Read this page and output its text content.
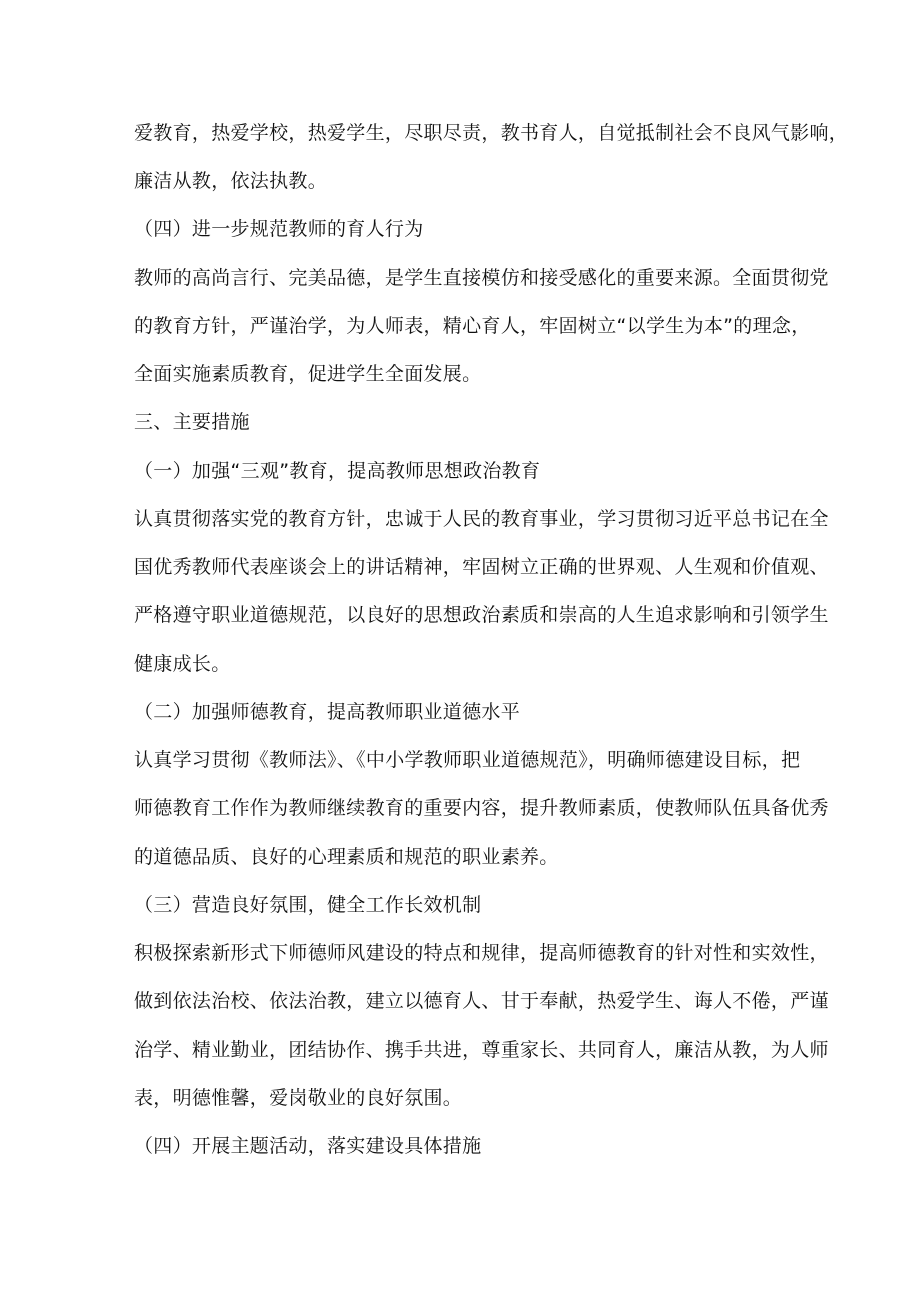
爱教育，热爱学校，热爱学生，尽职尽责，教书育人，自觉抵制社会不良风气影响，
廉洁从教，依法执教。
（四）进一步规范教师的育人行为
教师的高尚言行、完美品德，是学生直接模仿和接受感化的重要来源。全面贯彻党
的教育方针，严谨治学，为人师表，精心育人，牢固树立“以学生为本”的理念，
全面实施素质教育，促进学生全面发展。
三、主要措施
（一）加强“三观”教育，提高教师思想政治教育
认真贯彻落实党的教育方针，忠诚于人民的教育事业，学习贯彻习近平总书记在全
国优秀教师代表座谈会上的讲话精神，牢固树立正确的世界观、人生观和价值观、
严格遵守职业道德规范，以良好的思想政治素质和崇高的人生追求影响和引领学生
健康成长。
（二）加强师德教育，提高教师职业道德水平
认真学习贯彻《教师法》、《中小学教师职业道德规范》，明确师德建设目标，把
师德教育工作作为教师继续教育的重要内容，提升教师素质，使教师队伍具备优秀
的道德品质、良好的心理素质和规范的职业素养。
（三）营造良好氛围，健全工作长效机制
积极探索新形式下师德师风建设的特点和规律，提高师德教育的针对性和实效性，
做到依法治校、依法治教，建立以德育人、甘于奉献，热爱学生、诲人不倦，严谨
治学、精业勤业，团结协作、携手共进，尊重家长、共同育人，廉洁从教，为人师
表，明德惟馨，爱岗敬业的良好氛围。
（四）开展主题活动，落实建设具体措施
